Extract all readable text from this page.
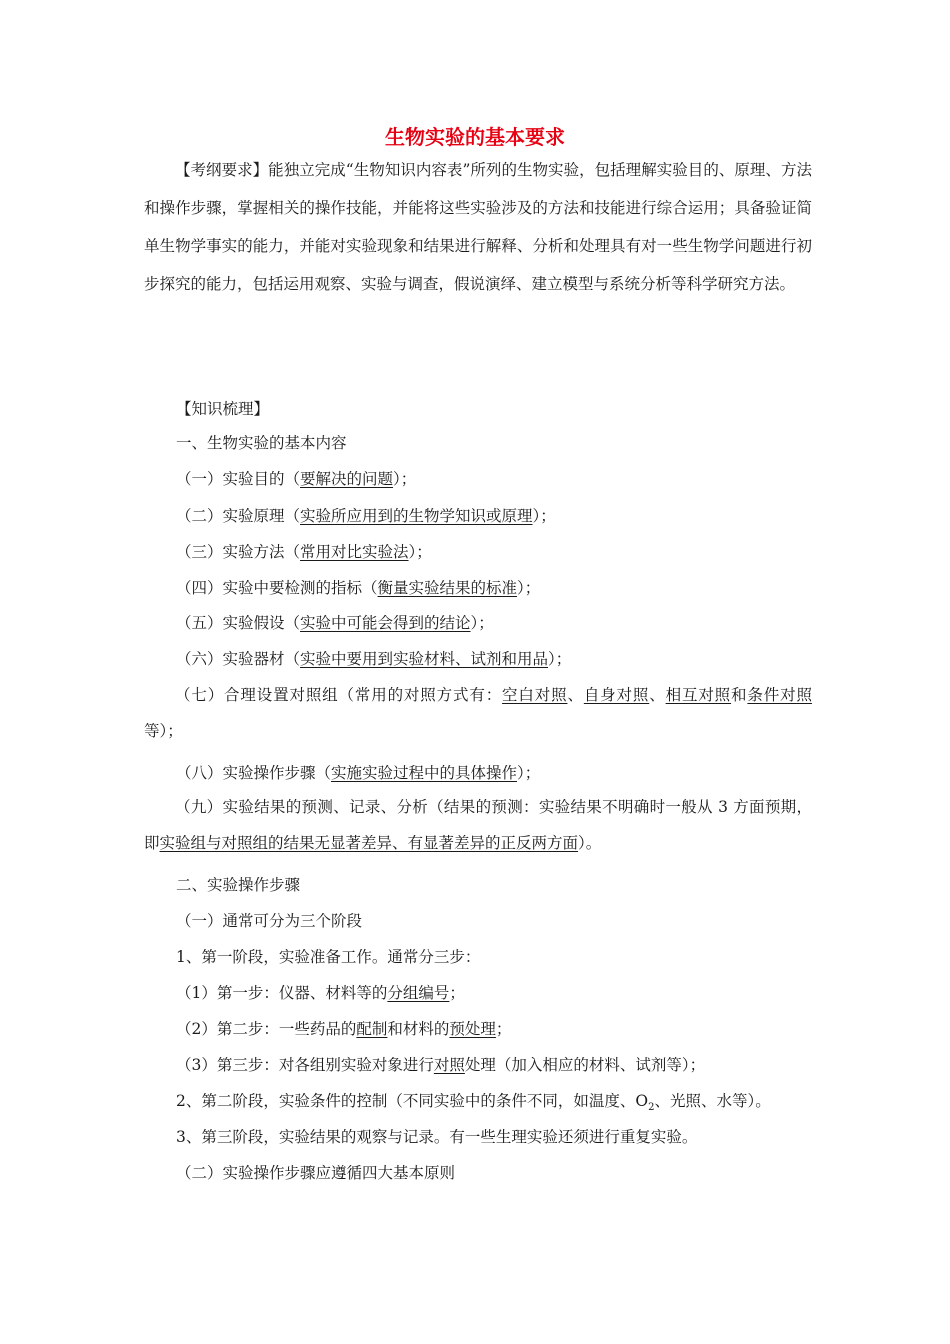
生物实验的基本要求
【考纲要求】能独立完成“生物知识内容表”所列的生物实验，包括理解实验目的、原理、方法和操作步骤，掌握相关的操作技能，并能将这些实验涉及的方法和技能进行综合运用；具备验证简单生物学事实的能力，并能对实验现象和结果进行解释、分析和处理具有对一些生物学问题进行初步探究的能力，包括运用观察、实验与调查，假说演绎、建立模型与系统分析等科学研究方法。
【知识梳理】
一、生物实验的基本内容
（一）实验目的（要解决的问题）；
（二）实验原理（实验所应用到的生物学知识或原理）；
（三）实验方法（常用对比实验法）；
（四）实验中要检测的指标（衡量实验结果的标准）；
（五）实验假设（实验中可能会得到的结论）；
（六）实验器材（实验中要用到实验材料、试剂和用品）；
（七）合理设置对照组（常用的对照方式有：空白对照、自身对照、相互对照和条件对照等）；
（八）实验操作步骤（实施实验过程中的具体操作）；
（九）实验结果的预测、记录、分析（结果的预测：实验结果不明确时一般从 3 方面预期，即实验组与对照组的结果无显著差异、有显著差异的正反两方面）。
二、实验操作步骤
（一）通常可分为三个阶段
1、第一阶段，实验准备工作。通常分三步：
（1）第一步：仪器、材料等的分组编号；
（2）第二步：一些药品的配制和材料的预处理；
（3）第三步：对各组别实验对象进行对照处理（加入相应的材料、试剂等）；
2、第二阶段，实验条件的控制（不同实验中的条件不同，如温度、$O_2$、光照、水等）。
3、第三阶段，实验结果的观察与记录。有一些生理实验还须进行重复实验。
（二）实验操作步骤应遵循四大基本原则
